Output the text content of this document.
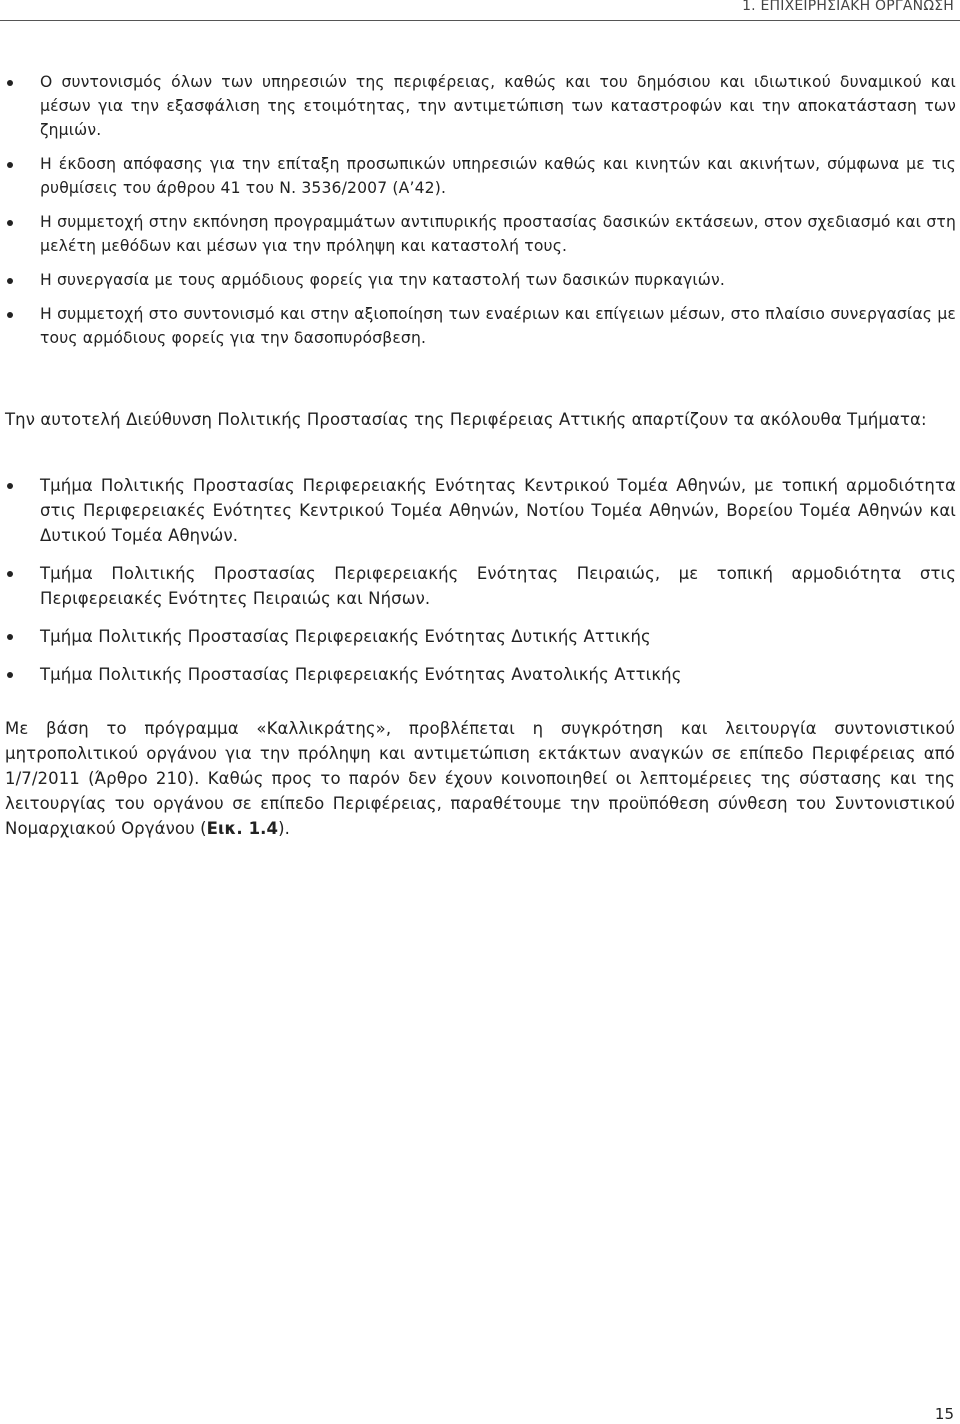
1. ΕΠΙΧΕΙΡΗΣΙΑΚΗ ΟΡΓΑΝΩΣΗ
Ο συντονισμός όλων των υπηρεσιών της περιφέρειας, καθώς και του δημόσιου και ιδιωτικού δυναμικού και μέσων για την εξασφάλιση της ετοιμότητας, την αντιμετώπιση των καταστροφών και την αποκατάσταση των ζημιών.
Η έκδοση απόφασης για την επίταξη προσωπικών υπηρεσιών καθώς και κινητών και ακινήτων, σύμφωνα με τις ρυθμίσεις του άρθρου 41 του Ν. 3536/2007 (Α’42).
Η συμμετοχή στην εκπόνηση προγραμμάτων αντιπυρικής προστασίας δασικών εκτάσεων, στον σχεδιασμό και στη μελέτη μεθόδων και μέσων για την πρόληψη και καταστολή τους.
Η συνεργασία με τους αρμόδιους φορείς για την καταστολή των δασικών πυρκαγιών.
Η συμμετοχή στο συντονισμό και στην αξιοποίηση των εναέριων και επίγειων μέσων, στο πλαίσιο συνεργασίας με τους αρμόδιους φορείς για την δασοπυρόσβεση.

Την αυτοτελή Διεύθυνση Πολιτικής Προστασίας της Περιφέρειας Αττικής απαρτίζουν τα ακόλουθα Τμήματα:

Τμήμα Πολιτικής Προστασίας Περιφερειακής Ενότητας Κεντρικού Τομέα Αθηνών, με τοπική αρμοδιότητα στις Περιφερειακές Ενότητες Κεντρικού Τομέα Αθηνών, Νοτίου Τομέα Αθηνών, Βορείου Τομέα Αθηνών και Δυτικού Τομέα Αθηνών.
Τμήμα Πολιτικής Προστασίας Περιφερειακής Ενότητας Πειραιώς, με τοπική αρμοδιότητα στις Περιφερειακές Ενότητες Πειραιώς και Νήσων.
Τμήμα Πολιτικής Προστασίας Περιφερειακής Ενότητας Δυτικής Αττικής
Τμήμα Πολιτικής Προστασίας Περιφερειακής Ενότητας Ανατολικής Αττικής

Με βάση το πρόγραμμα «Καλλικράτης», προβλέπεται η συγκρότηση και λειτουργία συντονιστικού μητροπολιτικού οργάνου για την πρόληψη και αντιμετώπιση εκτάκτων αναγκών σε επίπεδο Περιφέρειας από 1/7/2011 (Άρθρο 210). Καθώς προς το παρόν δεν έχουν κοινοποιηθεί οι λεπτομέρειες της σύστασης και της λειτουργίας του οργάνου σε επίπεδο Περιφέρειας, παραθέτουμε την προϋπόθεση σύνθεση του Συντονιστικού Νομαρχιακού Οργάνου (Εικ. 1.4).

15
